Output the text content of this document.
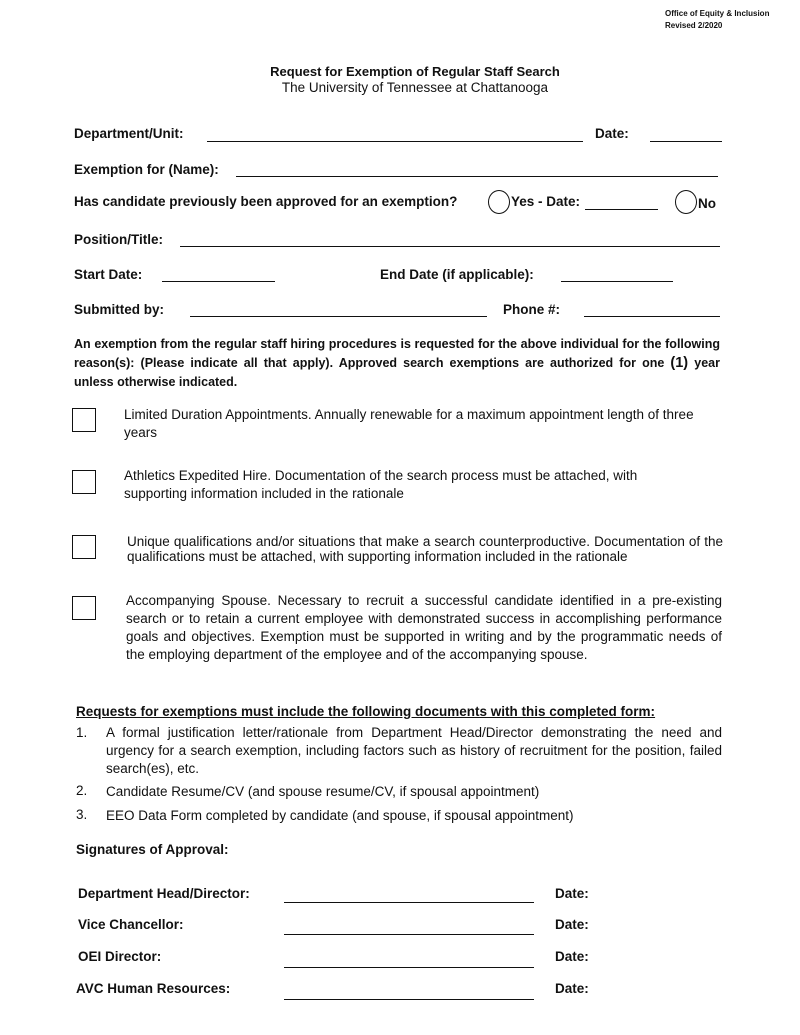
Office of Equity & Inclusion
Revised 2/2020
Request for Exemption of Regular Staff Search
The University of Tennessee at Chattanooga
Department/Unit:	Date:
Exemption for (Name):
Has candidate previously been approved for an exemption?	Yes - Date:	No
Position/Title:
Start Date:	End Date (if applicable):
Submitted by:	Phone #:
An exemption from the regular staff hiring procedures is requested for the above individual for the following reason(s): (Please indicate all that apply). Approved search exemptions are authorized for one (1) year unless otherwise indicated.
Limited Duration Appointments. Annually renewable for a maximum appointment length of three years
Athletics Expedited Hire. Documentation of the search process must be attached, with supporting information included in the rationale
Unique qualifications and/or situations that make a search counterproductive. Documentation of the qualifications must be attached, with supporting information included in the rationale
Accompanying Spouse. Necessary to recruit a successful candidate identified in a pre-existing search or to retain a current employee with demonstrated success in accomplishing performance goals and objectives. Exemption must be supported in writing and by the programmatic needs of the employing department of the employee and of the accompanying spouse.
Requests for exemptions must include the following documents with this completed form:
1. A formal justification letter/rationale from Department Head/Director demonstrating the need and urgency for a search exemption, including factors such as history of recruitment for the position, failed search(es), etc.
2. Candidate Resume/CV (and spouse resume/CV, if spousal appointment)
3. EEO Data Form completed by candidate (and spouse, if spousal appointment)
Signatures of Approval:
Department Head/Director:	Date:
Vice Chancellor:	Date:
OEI Director:	Date:
AVC Human Resources:	Date:
